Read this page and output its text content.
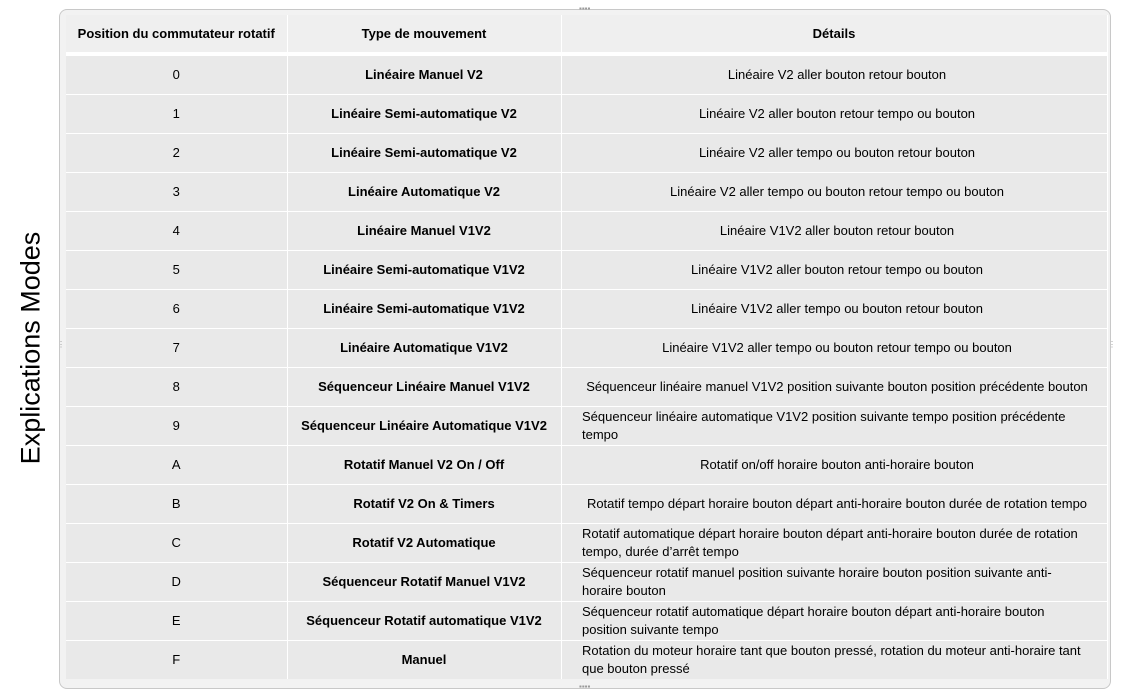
Explications Modes
▪▪▪▪
▪▪▪▪
⋮	⋮
Position du commutateur rotatif	Type de mouvement	Détails
0	Linéaire Manuel V2	Linéaire V2 aller bouton retour bouton
1	Linéaire Semi-automatique V2	Linéaire V2 aller bouton retour tempo ou bouton
2	Linéaire Semi-automatique V2	Linéaire V2 aller tempo ou bouton retour bouton
3	Linéaire Automatique V2	Linéaire V2 aller tempo ou bouton retour tempo ou bouton
4	Linéaire Manuel V1V2	Linéaire V1V2 aller bouton retour bouton
5	Linéaire Semi-automatique V1V2	Linéaire V1V2 aller bouton retour tempo ou bouton
6	Linéaire Semi-automatique V1V2	Linéaire V1V2 aller tempo ou bouton retour bouton
7	Linéaire Automatique V1V2	Linéaire V1V2 aller tempo ou bouton retour tempo ou bouton
8	Séquenceur Linéaire Manuel V1V2	Séquenceur linéaire manuel V1V2 position suivante bouton position précédente bouton
9	Séquenceur Linéaire Automatique V1V2	Séquenceur linéaire automatique V1V2 position suivante tempo position précédente tempo
A	Rotatif Manuel V2 On / Off	Rotatif on/off horaire bouton anti-horaire bouton
B	Rotatif V2 On & Timers	Rotatif tempo départ horaire bouton départ anti-horaire bouton durée de rotation tempo
C	Rotatif V2 Automatique	Rotatif automatique départ horaire bouton départ anti-horaire bouton durée de rotation tempo, durée d’arrêt tempo
D	Séquenceur Rotatif Manuel V1V2	Séquenceur rotatif manuel position suivante horaire bouton position suivante anti-horaire bouton
E	Séquenceur Rotatif automatique V1V2	Séquenceur rotatif automatique départ horaire bouton départ anti-horaire bouton position suivante tempo
F	Manuel	Rotation du moteur horaire tant que bouton pressé, rotation du moteur anti-horaire tant que bouton pressé
